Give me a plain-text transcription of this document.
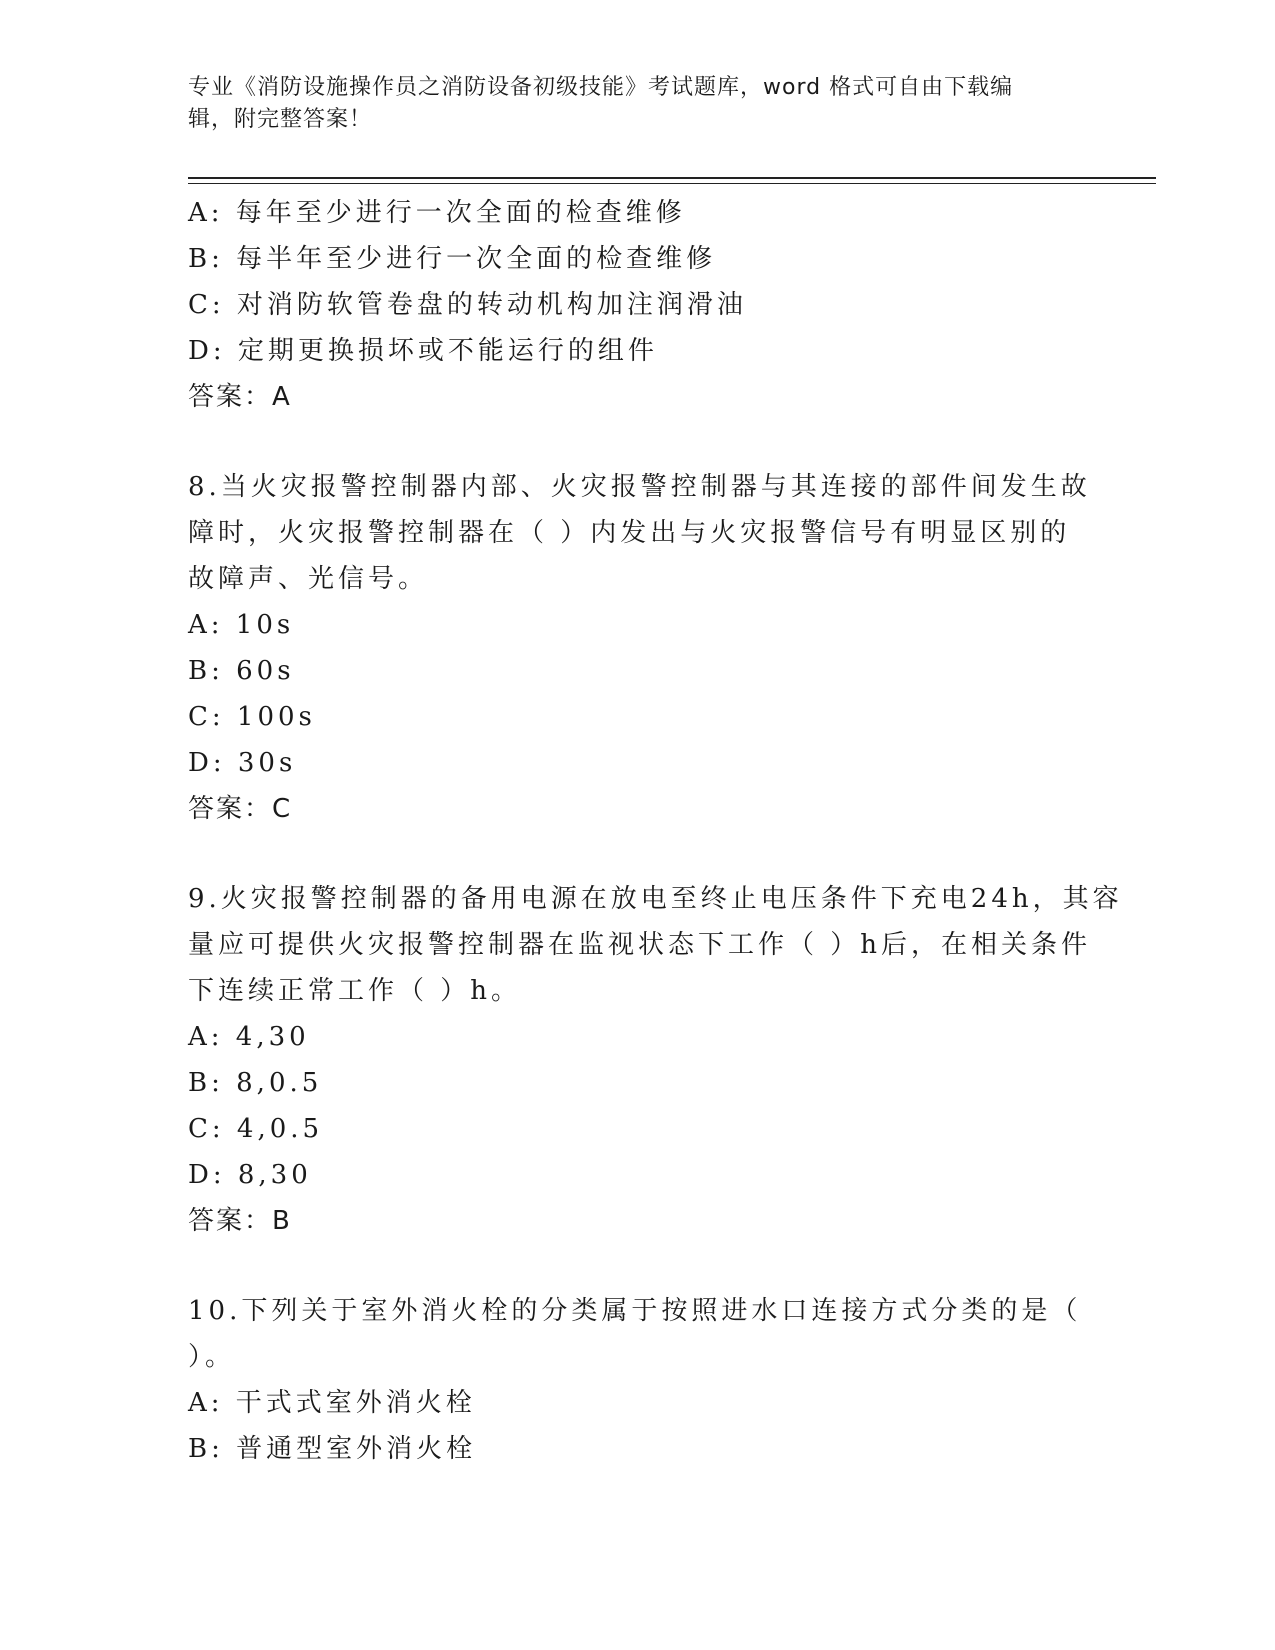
专业《消防设施操作员之消防设备初级技能》考试题库，word 格式可自由下载编
辑，附完整答案！
A: 每年至少进行一次全面的检查维修
B: 每半年至少进行一次全面的检查维修
C: 对消防软管卷盘的转动机构加注润滑油
D: 定期更换损坏或不能运行的组件
答案：A
8.当火灾报警控制器内部、火灾报警控制器与其连接的部件间发生故
障时，火灾报警控制器在（ ）内发出与火灾报警信号有明显区别的
故障声、光信号。
A: 10s
B: 60s
C: 100s
D: 30s
答案：C
9.火灾报警控制器的备用电源在放电至终止电压条件下充电24h，其容
量应可提供火灾报警控制器在监视状态下工作（ ）h后，在相关条件
下连续正常工作（ ）h。
A: 4,30
B: 8,0.5
C: 4,0.5
D: 8,30
答案：B
10.下列关于室外消火栓的分类属于按照进水口连接方式分类的是（
）。
A: 干式式室外消火栓
B: 普通型室外消火栓
